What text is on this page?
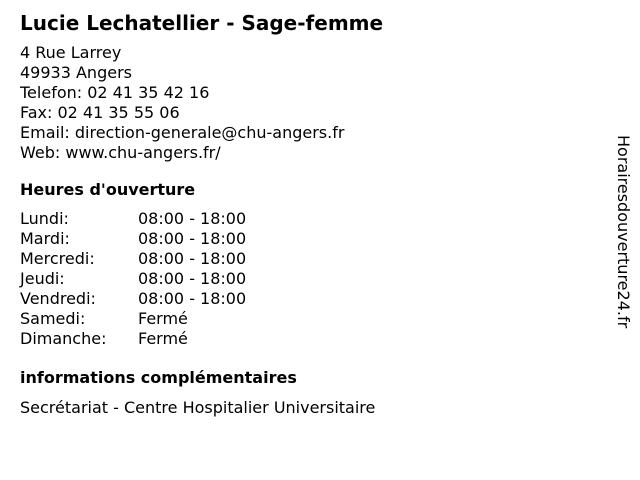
Lucie Lechatellier - Sage-femme
4 Rue Larrey
49933 Angers
Telefon: 02 41 35 42 16
Fax: 02 41 35 55 06
Email: direction-generale@chu-angers.fr
Web: www.chu-angers.fr/
Heures d'ouverture
Lundi:	08:00 - 18:00
Mardi:	08:00 - 18:00
Mercredi:	08:00 - 18:00
Jeudi:	08:00 - 18:00
Vendredi:	08:00 - 18:00
Samedi:	Fermé
Dimanche:	Fermé
informations complémentaires
Secrétariat - Centre Hospitalier Universitaire
Horairesdouverture24.fr
